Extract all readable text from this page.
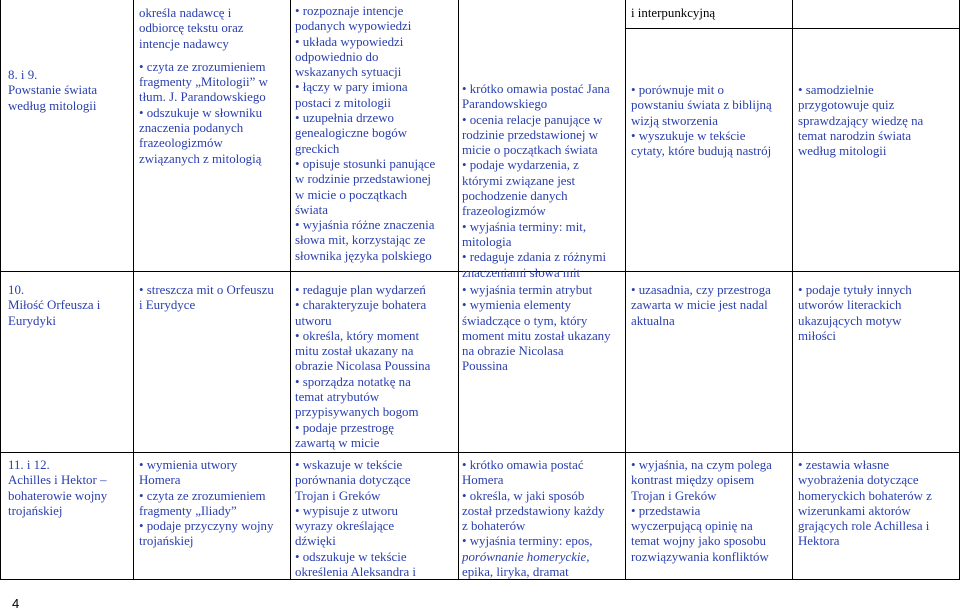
8. i 9.
Powstanie świata
według mitologii
określa nadawcę i
odbiorcę tekstu oraz
intencje nadawcy
• czyta ze zrozumieniem
fragmenty „Mitologii” w
tłum. J. Parandowskiego
• odszukuje w słowniku
znaczenia podanych
frazeologizmów
związanych z mitologią
• rozpoznaje intencje
podanych wypowiedzi
• układa wypowiedzi
odpowiednio do
wskazanych sytuacji
• łączy w pary imiona
postaci z mitologii
• uzupełnia drzewo
genealogiczne bogów
greckich
• opisuje stosunki panujące
w rodzinie przedstawionej
w micie o początkach
świata
• wyjaśnia różne znaczenia
słowa mit, korzystając ze
słownika języka polskiego
• krótko omawia postać Jana
Parandowskiego
• ocenia relacje panujące w
rodzinie przedstawionej w
micie o początkach świata
• podaje wydarzenia, z
którymi związane jest
pochodzenie danych
frazeologizmów
• wyjaśnia terminy: mit,
mitologia
• redaguje zdania z różnymi
znaczeniami słowa mit
i interpunkcyjną
• porównuje mit o
powstaniu świata z biblijną
wizją stworzenia
• wyszukuje w tekście
cytaty, które budują nastrój
• samodzielnie
przygotowuje quiz
sprawdzający wiedzę na
temat narodzin świata
według mitologii
10.
Miłość Orfeusza i
Eurydyki
• streszcza mit o Orfeuszu
i Eurydyce
• redaguje plan wydarzeń
• charakteryzuje bohatera
utworu
• określa, który moment
mitu został ukazany na
obrazie Nicolasa Poussina
• sporządza notatkę na
temat atrybutów
przypisywanych bogom
• podaje przestrogę
zawartą w micie
• wyjaśnia termin atrybut
• wymienia elementy
świadczące o tym, który
moment mitu został ukazany
na obrazie Nicolasa
Poussina
• uzasadnia, czy przestroga
zawarta w micie jest nadal
aktualna
• podaje tytuły innych
utworów literackich
ukazujących motyw
miłości
11. i 12.
Achilles i Hektor –
bohaterowie wojny
trojańskiej
• wymienia utwory
Homera
• czyta ze zrozumieniem
fragmenty „Iliady”
• podaje przyczyny wojny
trojańskiej
• wskazuje w tekście
porównania dotyczące
Trojan i Greków
• wypisuje z utworu
wyrazy określające
dźwięki
• odszukuje w tekście
określenia Aleksandra i
• krótko omawia postać
Homera
• określa, w jaki sposób
został przedstawiony każdy
z bohaterów
• wyjaśnia terminy: epos,
porównanie homeryckie,
epika, liryka, dramat
• wyjaśnia, na czym polega
kontrast między opisem
Trojan i Greków
• przedstawia
wyczerpującą opinię na
temat wojny jako sposobu
rozwiązywania konfliktów
• zestawia własne
wyobrażenia dotyczące
homeryckich bohaterów z
wizerunkami aktorów
grających role Achillesa i
Hektora
4
